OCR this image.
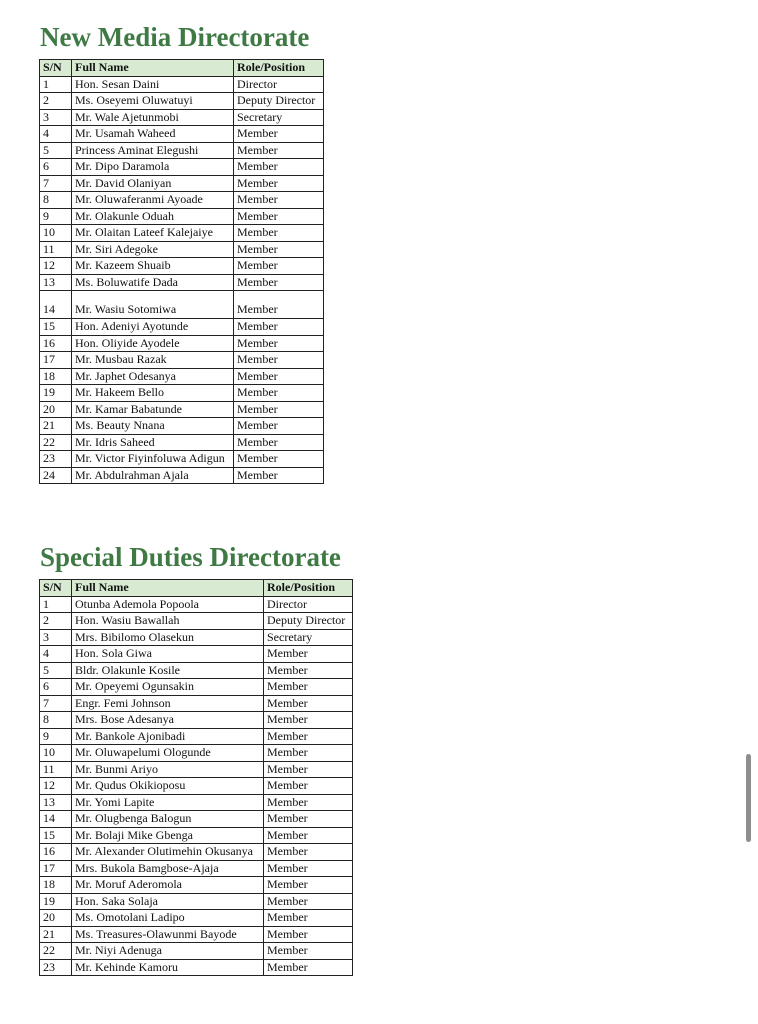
New Media Directorate
S/N	Full Name	Role/Position
1	Hon. Sesan Daini	Director
2	Ms. Oseyemi Oluwatuyi	Deputy Director
3	Mr. Wale Ajetunmobi	Secretary
4	Mr. Usamah Waheed	Member
5	Princess Aminat Elegushi	Member
6	Mr. Dipo Daramola	Member
7	Mr. David Olaniyan	Member
8	Mr. Oluwaferanmi Ayoade	Member
9	Mr. Olakunle Oduah	Member
10	Mr. Olaitan Lateef Kalejaiye	Member
11	Mr. Siri Adegoke	Member
12	Mr. Kazeem Shuaib	Member
13	Ms. Boluwatife Dada	Member
14	Mr. Wasiu Sotomiwa	Member
15	Hon. Adeniyi Ayotunde	Member
16	Hon. Oliyide Ayodele	Member
17	Mr. Musbau Razak	Member
18	Mr. Japhet Odesanya	Member
19	Mr. Hakeem Bello	Member
20	Mr. Kamar Babatunde	Member
21	Ms. Beauty Nnana	Member
22	Mr. Idris Saheed	Member
23	Mr. Victor Fiyinfoluwa Adigun	Member
24	Mr. Abdulrahman Ajala	Member
Special Duties Directorate
S/N	Full Name	Role/Position
1	Otunba Ademola Popoola	Director
2	Hon. Wasiu Bawallah	Deputy Director
3	Mrs. Bibilomo Olasekun	Secretary
4	Hon. Sola Giwa	Member
5	Bldr. Olakunle Kosile	Member
6	Mr. Opeyemi Ogunsakin	Member
7	Engr. Femi Johnson	Member
8	Mrs. Bose Adesanya	Member
9	Mr. Bankole Ajonibadi	Member
10	Mr. Oluwapelumi Ologunde	Member
11	Mr. Bunmi Ariyo	Member
12	Mr. Qudus Okikioposu	Member
13	Mr. Yomi Lapite	Member
14	Mr. Olugbenga Balogun	Member
15	Mr. Bolaji Mike Gbenga	Member
16	Mr. Alexander Olutimehin Okusanya	Member
17	Mrs. Bukola Bamgbose-Ajaja	Member
18	Mr. Moruf Aderomola	Member
19	Hon. Saka Solaja	Member
20	Ms. Omotolani Ladipo	Member
21	Ms. Treasures-Olawunmi Bayode	Member
22	Mr. Niyi Adenuga	Member
23	Mr. Kehinde Kamoru	Member
